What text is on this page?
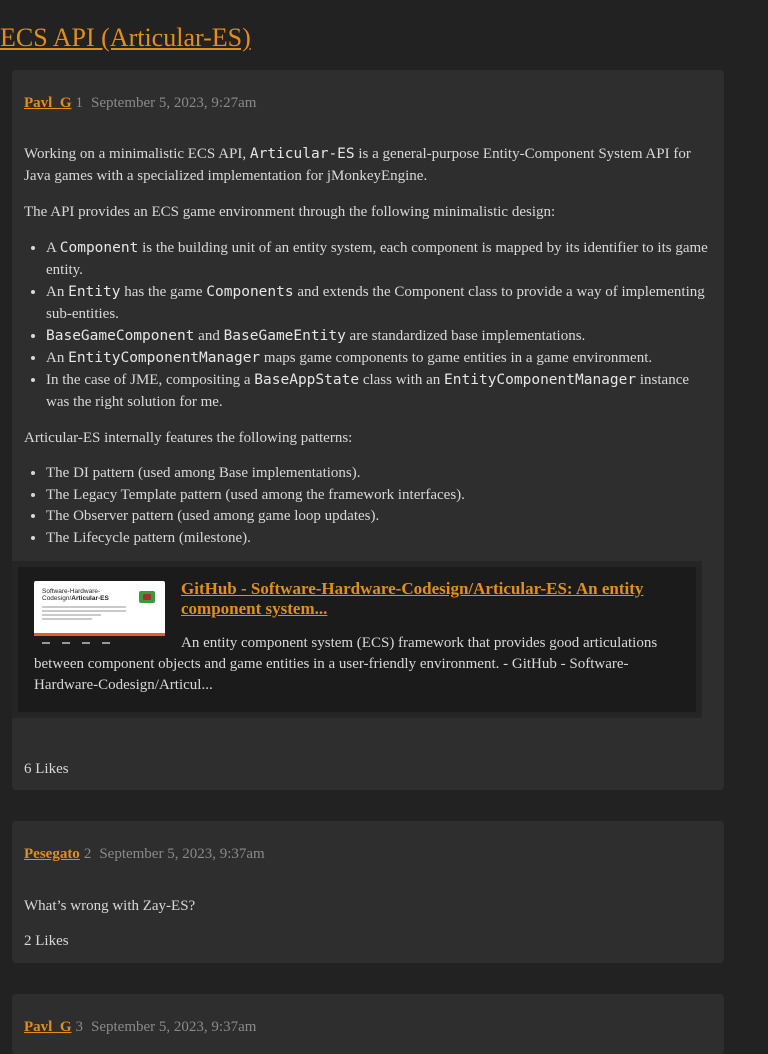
ECS API (Articular-ES)
Pavl_G 1 September 5, 2023, 9:27am

Working on a minimalistic ECS API, Articular-ES is a general-purpose Entity-Component System API for Java games with a specialized implementation for jMonkeyEngine.

The API provides an ECS game environment through the following minimalistic design:

• A Component is the building unit of an entity system, each component is mapped by its identifier to its game entity.
• An Entity has the game Components and extends the Component class to provide a way of implementing sub-entities.
• BaseGameComponent and BaseGameEntity are standardized base implementations.
• An EntityComponentManager maps game components to game entities in a game environment.
• In the case of JME, compositing a BaseAppState class with an EntityComponentManager instance was the right solution for me.

Articular-ES internally features the following patterns:

• The DI pattern (used among Base implementations).
• The Legacy Template pattern (used among the framework interfaces).
• The Observer pattern (used among game loop updates).
• The Lifecycle pattern (milestone).
Software-Hardware-
Codesign/Articular-ES
GitHub - Software-Hardware-Codesign/Articular-ES: An entity component system...
An entity component system (ECS) framework that provides good articulations between component objects and game entities in a user-friendly environment. - GitHub - Software-Hardware-Codesign/Articul...
6 Likes
Pesegato 2 September 5, 2023, 9:37am

What’s wrong with Zay-ES?

2 Likes
Pavl_G 3 September 5, 2023, 9:37am
